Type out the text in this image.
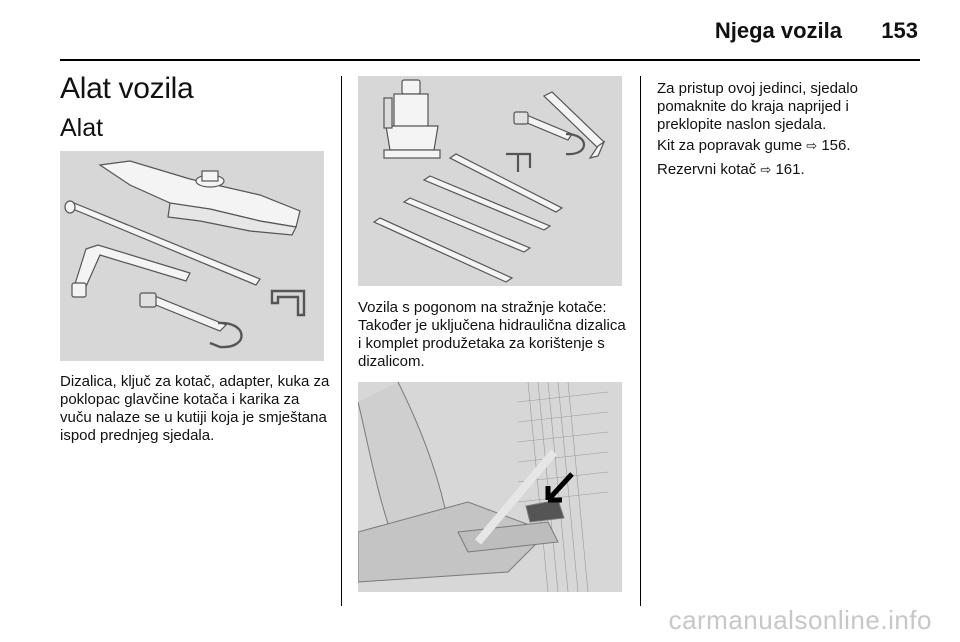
Njega vozila 153
Alat vozila
Alat

Dizalica, ključ za kotač, adapter, kuka za poklopac glavčine kotača i karika za vuču nalaze se u kutiji koja je smještana ispod prednjeg sjedala.

Vozila s pogonom na stražnje kotače: Također je uključena hidraulična dizalica i komplet produžetaka za korištenje s dizalicom.

Za pristup ovoj jedinci, sjedalo pomaknite do kraja naprijed i preklopite naslon sjedala.

Kit za popravak gume ⇨ 156.

Rezervni kotač ⇨ 161.

carmanualsonline.info
